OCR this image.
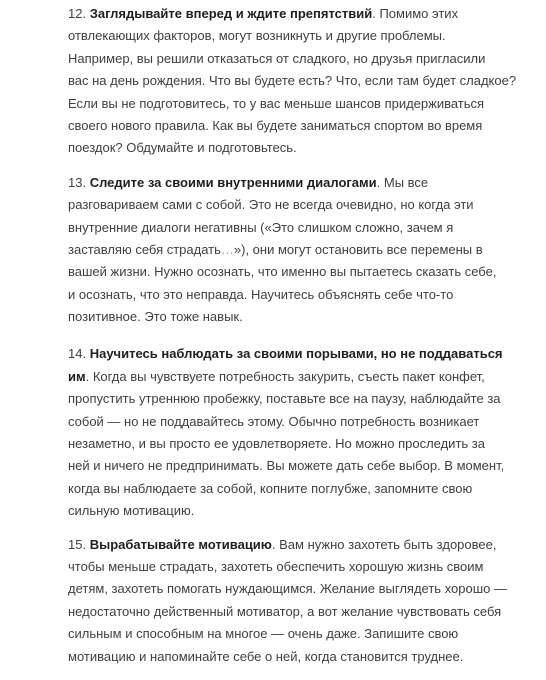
12. Заглядывайте вперед и ждите препятствий. Помимо этих
отвлекающих факторов, могут возникнуть и другие проблемы.
Например, вы решили отказаться от сладкого, но друзья пригласили
вас на день рождения. Что вы будете есть? Что, если там будет сладкое?
Если вы не подготовитесь, то у вас меньше шансов придерживаться
своего нового правила. Как вы будете заниматься спортом во время
поездок? Обдумайте и подготовьтесь.

13. Следите за своими внутренними диалогами. Мы все
разговариваем сами с собой. Это не всегда очевидно, но когда эти
внутренние диалоги негативны («Это слишком сложно, зачем я
заставляю себя страдать…»), они могут остановить все перемены в
вашей жизни. Нужно осознать, что именно вы пытаетесь сказать себе,
и осознать, что это неправда. Научитесь объяснять себе что-то
позитивное. Это тоже навык.

14. Научитесь наблюдать за своими порывами, но не поддаваться
им. Когда вы чувствуете потребность закурить, съесть пакет конфет,
пропустить утреннюю пробежку, поставьте все на паузу, наблюдайте за
собой — но не поддавайтесь этому. Обычно потребность возникает
незаметно, и вы просто ее удовлетворяете. Но можно проследить за
ней и ничего не предпринимать. Вы можете дать себе выбор. В момент,
когда вы наблюдаете за собой, копните поглубже, запомните свою
сильную мотивацию.

15. Вырабатывайте мотивацию. Вам нужно захотеть быть здоровее,
чтобы меньше страдать, захотеть обеспечить хорошую жизнь своим
детям, захотеть помогать нуждающимся. Желание выглядеть хорошо —
недостаточно действенный мотиватор, а вот желание чувствовать себя
сильным и способным на многое — очень даже. Запишите свою
мотивацию и напоминайте себе о ней, когда становится труднее.
